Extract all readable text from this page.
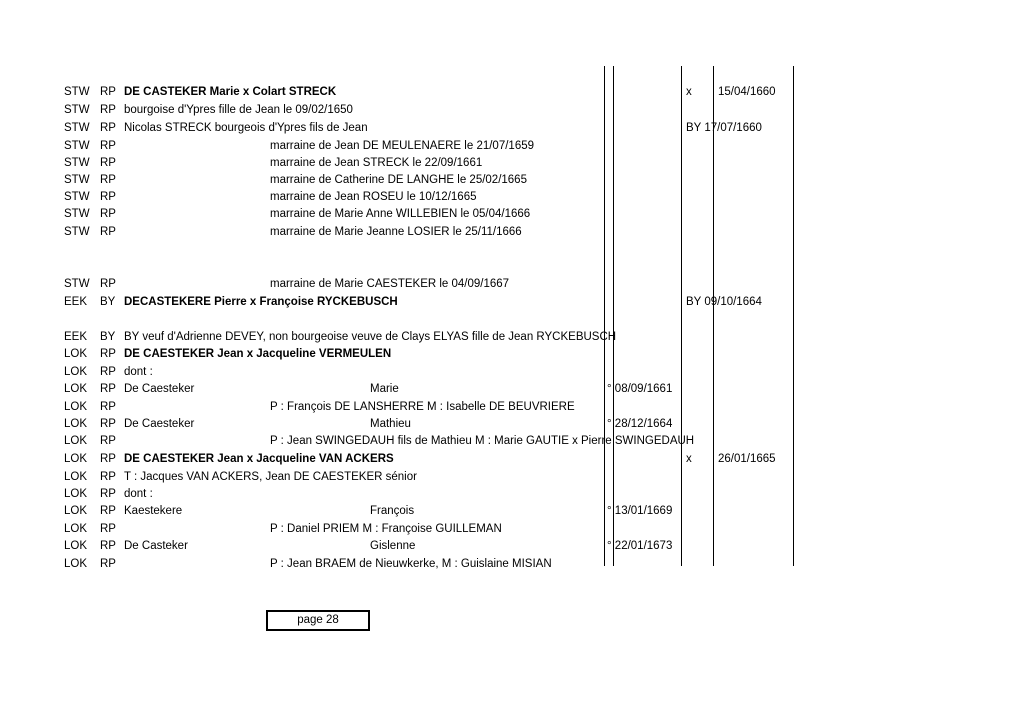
STW RP DE CASTEKER Marie x Colart STRECK	x 15/04/1660
STW RP bourgoise d'Ypres fille de Jean le 09/02/1650
STW RP Nicolas STRECK bourgeois d'Ypres fils de Jean	BY 17/07/1660
STW RP	marraine de Jean DE MEULENAERE le 21/07/1659
STW RP	marraine de Jean STRECK le 22/09/1661
STW RP	marraine de Catherine DE LANGHE le 25/02/1665
STW RP	marraine de Jean ROSEU le 10/12/1665
STW RP	marraine de Marie Anne WILLEBIEN le 05/04/1666
STW RP	marraine de Marie Jeanne LOSIER le 25/11/1666
STW RP	marraine de Marie CAESTEKER le 04/09/1667
EEK BY DECASTEKERE Pierre x Françoise RYCKEBUSCH	BY 09/10/1664
EEK BY BY veuf d'Adrienne DEVEY, non bourgeoise veuve de Clays ELYAS fille de Jean RYCKEBUSCH
LOK RP DE CAESTEKER Jean x Jacqueline VERMEULEN
LOK RP dont :
LOK RP De Caesteker	Marie	° 08/09/1661
LOK RP	P : François DE LANSHERRE M : Isabelle DE BEUVRIERE
LOK RP De Caesteker	Mathieu	° 28/12/1664
LOK RP	P : Jean SWINGEDAUH fils de Mathieu M : Marie GAUTIE x Pierre SWINGEDAUH
LOK RP DE CAESTEKER Jean x Jacqueline VAN ACKERS	x 26/01/1665
LOK RP T : Jacques VAN ACKERS, Jean DE CAESTEKER sénior
LOK RP dont :
LOK RP Kaestekere	François	° 13/01/1669
LOK RP	P : Daniel PRIEM M : Françoise GUILLEMAN
LOK RP De Casteker	Gislenne	° 22/01/1673
LOK RP	P : Jean BRAEM de Nieuwkerke, M : Guislaine MISIAN
page 28
